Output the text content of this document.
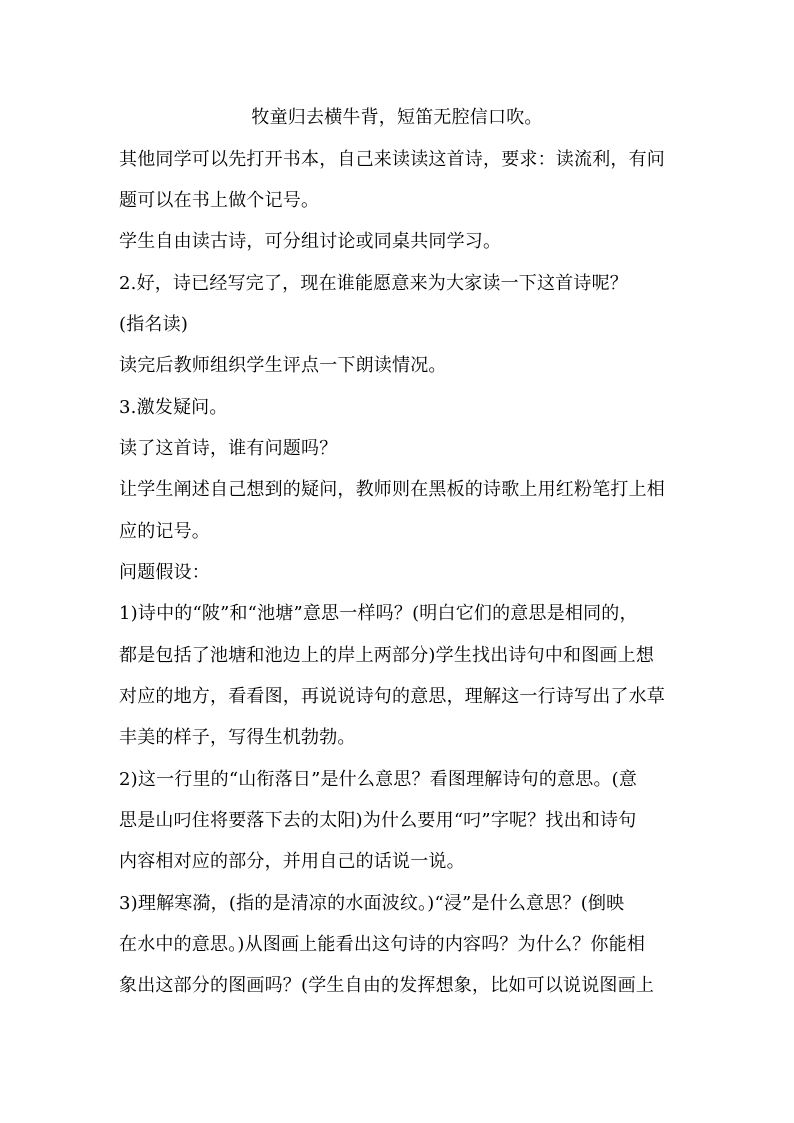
牧童归去横牛背，短笛无腔信口吹。
其他同学可以先打开书本，自己来读读这首诗，要求：读流利，有问
题可以在书上做个记号。
学生自由读古诗，可分组讨论或同桌共同学习。
2.好，诗已经写完了，现在谁能愿意来为大家读一下这首诗呢？
(指名读)
读完后教师组织学生评点一下朗读情况。
3.激发疑问。
读了这首诗，谁有问题吗？
让学生阐述自己想到的疑问，教师则在黑板的诗歌上用红粉笔打上相
应的记号。
问题假设：
1)诗中的“陂”和“池塘”意思一样吗？(明白它们的意思是相同的，
都是包括了池塘和池边上的岸上两部分)学生找出诗句中和图画上想
对应的地方，看看图，再说说诗句的意思，理解这一行诗写出了水草
丰美的样子，写得生机勃勃。
2)这一行里的“山衔落日”是什么意思？看图理解诗句的意思。(意
思是山叼住将要落下去的太阳)为什么要用“叼”字呢？找出和诗句
内容相对应的部分，并用自己的话说一说。
3)理解寒漪，(指的是清凉的水面波纹。)“浸”是什么意思？(倒映
在水中的意思。)从图画上能看出这句诗的内容吗？为什么？你能相
象出这部分的图画吗？(学生自由的发挥想象，比如可以说说图画上
